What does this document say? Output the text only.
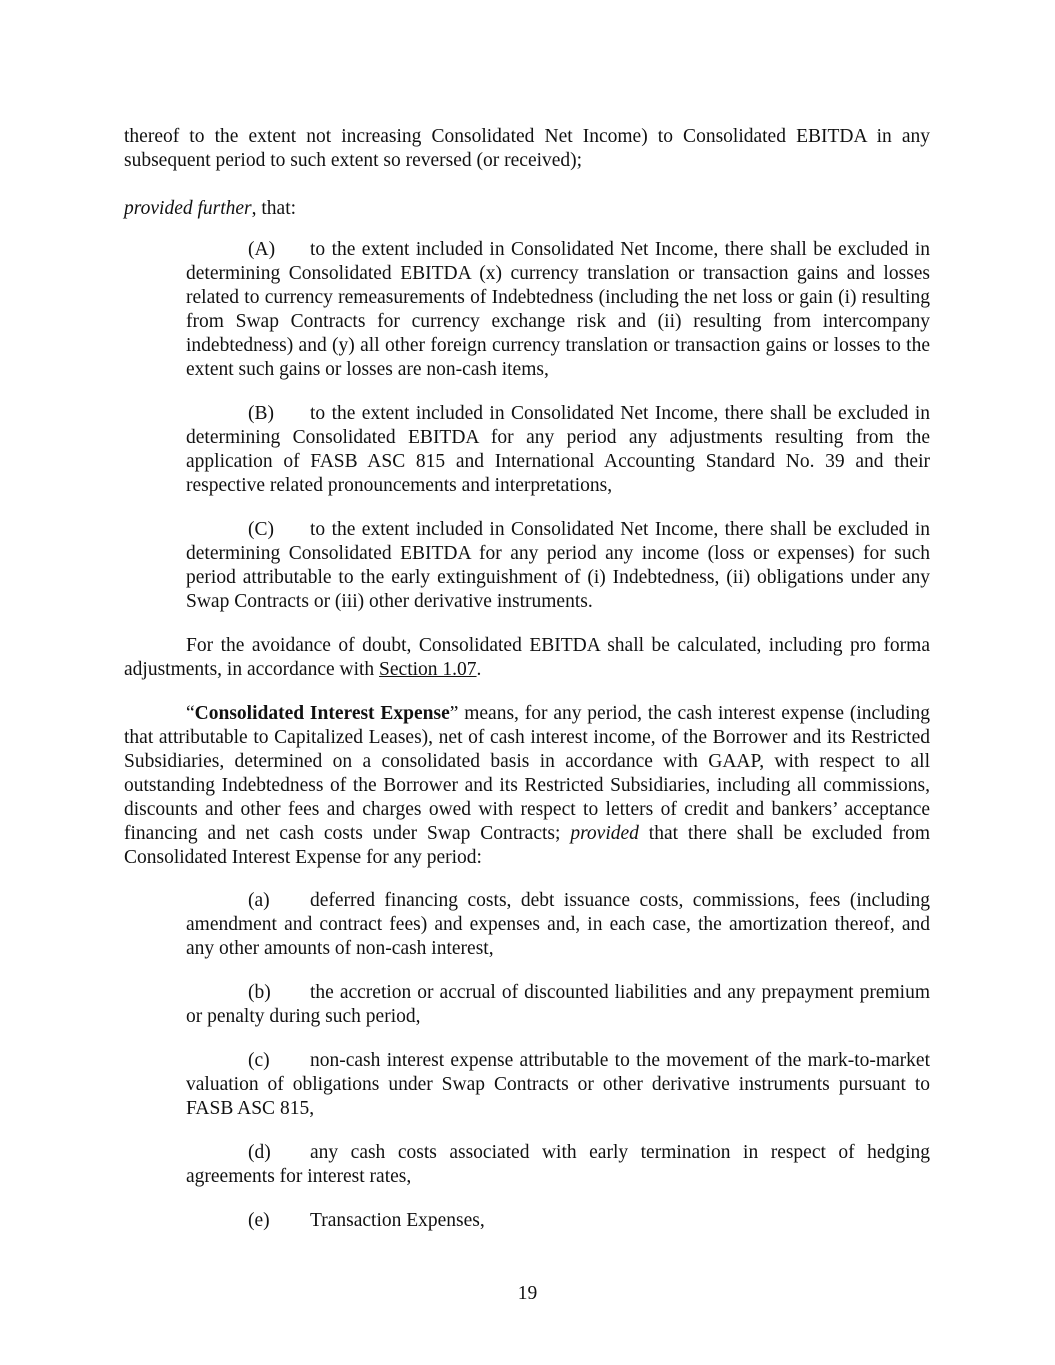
thereof to the extent not increasing Consolidated Net Income) to Consolidated EBITDA in any subsequent period to such extent so reversed (or received);

provided further, that:

(A) to the extent included in Consolidated Net Income, there shall be excluded in determining Consolidated EBITDA (x) currency translation or transaction gains and losses related to currency remeasurements of Indebtedness (including the net loss or gain (i) resulting from Swap Contracts for currency exchange risk and (ii) resulting from intercompany indebtedness) and (y) all other foreign currency translation or transaction gains or losses to the extent such gains or losses are non-cash items,

(B) to the extent included in Consolidated Net Income, there shall be excluded in determining Consolidated EBITDA for any period any adjustments resulting from the application of FASB ASC 815 and International Accounting Standard No. 39 and their respective related pronouncements and interpretations,

(C) to the extent included in Consolidated Net Income, there shall be excluded in determining Consolidated EBITDA for any period any income (loss or expenses) for such period attributable to the early extinguishment of (i) Indebtedness, (ii) obligations under any Swap Contracts or (iii) other derivative instruments.

For the avoidance of doubt, Consolidated EBITDA shall be calculated, including pro forma adjustments, in accordance with Section 1.07.

“Consolidated Interest Expense” means, for any period, the cash interest expense (including that attributable to Capitalized Leases), net of cash interest income, of the Borrower and its Restricted Subsidiaries, determined on a consolidated basis in accordance with GAAP, with respect to all outstanding Indebtedness of the Borrower and its Restricted Subsidiaries, including all commissions, discounts and other fees and charges owed with respect to letters of credit and bankers’ acceptance financing and net cash costs under Swap Contracts; provided that there shall be excluded from Consolidated Interest Expense for any period:

(a) deferred financing costs, debt issuance costs, commissions, fees (including amendment and contract fees) and expenses and, in each case, the amortization thereof, and any other amounts of non-cash interest,

(b) the accretion or accrual of discounted liabilities and any prepayment premium or penalty during such period,

(c) non-cash interest expense attributable to the movement of the mark-to-market valuation of obligations under Swap Contracts or other derivative instruments pursuant to FASB ASC 815,

(d) any cash costs associated with early termination in respect of hedging agreements for interest rates,

(e) Transaction Expenses,

19
